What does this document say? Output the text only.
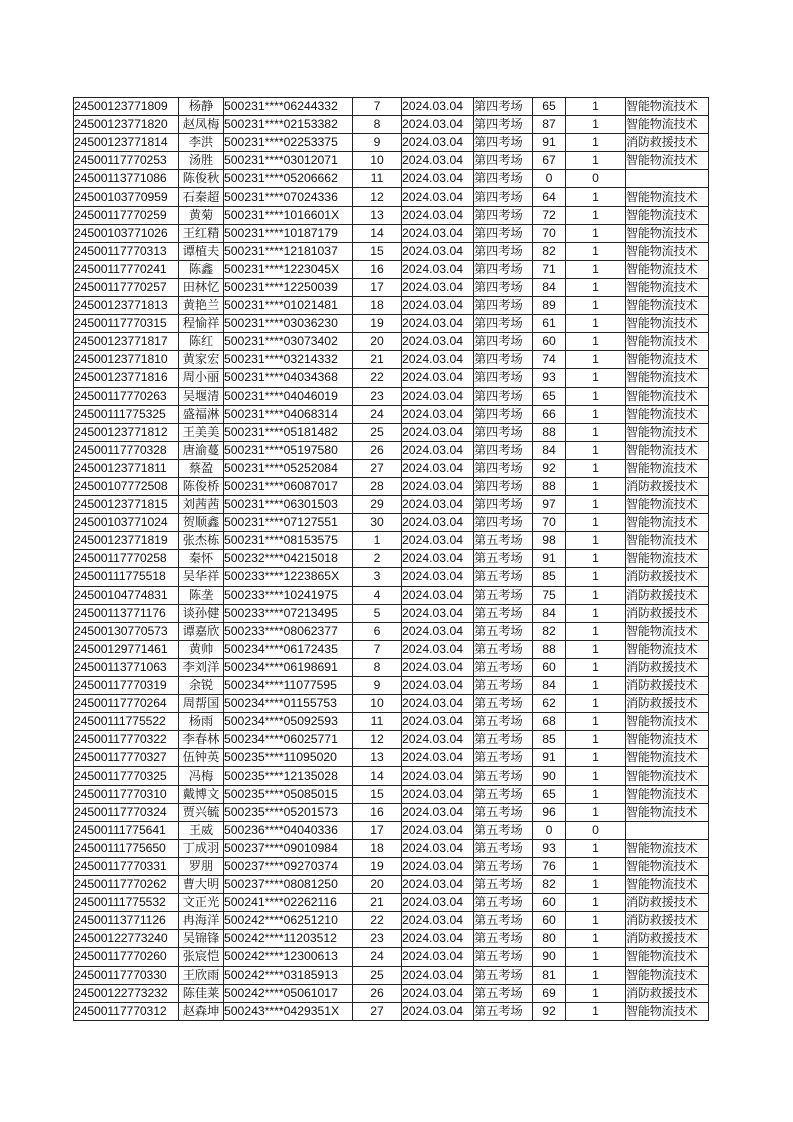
24500123771809	杨静	500231****06244332	7	2024.03.04	第四考场	65	1	智能物流技术
24500123771820	赵凤梅	500231****02153382	8	2024.03.04	第四考场	87	1	智能物流技术
24500123771814	李洪	500231****02253375	9	2024.03.04	第四考场	91	1	消防救援技术
24500117770253	汤胜	500231****03012071	10	2024.03.04	第四考场	67	1	智能物流技术
24500113771086	陈俊秋	500231****05206662	11	2024.03.04	第四考场	0	0	
24500103770959	石秦超	500231****07024336	12	2024.03.04	第四考场	64	1	智能物流技术
24500117770259	黄菊	500231****1016601X	13	2024.03.04	第四考场	72	1	智能物流技术
24500103771026	王红精	500231****10187179	14	2024.03.04	第四考场	70	1	智能物流技术
24500117770313	谭植夫	500231****12181037	15	2024.03.04	第四考场	82	1	智能物流技术
24500117770241	陈鑫	500231****1223045X	16	2024.03.04	第四考场	71	1	智能物流技术
24500117770257	田林忆	500231****12250039	17	2024.03.04	第四考场	84	1	智能物流技术
24500123771813	黄艳兰	500231****01021481	18	2024.03.04	第四考场	89	1	智能物流技术
24500117770315	程愉祥	500231****03036230	19	2024.03.04	第四考场	61	1	智能物流技术
24500123771817	陈红	500231****03073402	20	2024.03.04	第四考场	60	1	智能物流技术
24500123771810	黄家宏	500231****03214332	21	2024.03.04	第四考场	74	1	智能物流技术
24500123771816	周小丽	500231****04034368	22	2024.03.04	第四考场	93	1	智能物流技术
24500117770263	吴堰清	500231****04046019	23	2024.03.04	第四考场	65	1	智能物流技术
24500111775325	盛福淋	500231****04068314	24	2024.03.04	第四考场	66	1	智能物流技术
24500123771812	王美美	500231****05181482	25	2024.03.04	第四考场	88	1	智能物流技术
24500117770328	唐渝蔓	500231****05197580	26	2024.03.04	第四考场	84	1	智能物流技术
24500123771811	蔡盈	500231****05252084	27	2024.03.04	第四考场	92	1	智能物流技术
24500107772508	陈俊桥	500231****06087017	28	2024.03.04	第四考场	88	1	消防救援技术
24500123771815	刘茜茜	500231****06301503	29	2024.03.04	第四考场	97	1	智能物流技术
24500103771024	贺顺鑫	500231****07127551	30	2024.03.04	第四考场	70	1	智能物流技术
24500123771819	张杰栋	500231****08153575	1	2024.03.04	第五考场	98	1	智能物流技术
24500117770258	秦怀	500232****04215018	2	2024.03.04	第五考场	91	1	智能物流技术
24500111775518	吴华祥	500233****1223865X	3	2024.03.04	第五考场	85	1	消防救援技术
24500104774831	陈垄	500233****10241975	4	2024.03.04	第五考场	75	1	消防救援技术
24500113771176	谈孙健	500233****07213495	5	2024.03.04	第五考场	84	1	消防救援技术
24500130770573	谭嘉欣	500233****08062377	6	2024.03.04	第五考场	82	1	智能物流技术
24500129771461	黄帅	500234****06172435	7	2024.03.04	第五考场	88	1	智能物流技术
24500113771063	李刘洋	500234****06198691	8	2024.03.04	第五考场	60	1	消防救援技术
24500117770319	余锐	500234****11077595	9	2024.03.04	第五考场	84	1	消防救援技术
24500117770264	周帮国	500234****01155753	10	2024.03.04	第五考场	62	1	消防救援技术
24500111775522	杨雨	500234****05092593	11	2024.03.04	第五考场	68	1	智能物流技术
24500117770322	李春林	500234****06025771	12	2024.03.04	第五考场	85	1	智能物流技术
24500117770327	伍钟英	500235****11095020	13	2024.03.04	第五考场	91	1	智能物流技术
24500117770325	冯梅	500235****12135028	14	2024.03.04	第五考场	90	1	智能物流技术
24500117770310	戴博文	500235****05085015	15	2024.03.04	第五考场	65	1	智能物流技术
24500117770324	贾兴毓	500235****05201573	16	2024.03.04	第五考场	96	1	智能物流技术
24500111775641	王威	500236****04040336	17	2024.03.04	第五考场	0	0	
24500111775650	丁成羽	500237****09010984	18	2024.03.04	第五考场	93	1	智能物流技术
24500117770331	罗朋	500237****09270374	19	2024.03.04	第五考场	76	1	智能物流技术
24500117770262	曹大明	500237****08081250	20	2024.03.04	第五考场	82	1	智能物流技术
24500111775532	文正光	500241****02262116	21	2024.03.04	第五考场	60	1	消防救援技术
24500113771126	冉海洋	500242****06251210	22	2024.03.04	第五考场	60	1	消防救援技术
24500122773240	吴锦锋	500242****11203512	23	2024.03.04	第五考场	80	1	消防救援技术
24500117770260	张宸恺	500242****12300613	24	2024.03.04	第五考场	90	1	智能物流技术
24500117770330	王欣雨	500242****03185913	25	2024.03.04	第五考场	81	1	智能物流技术
24500122773232	陈佳莱	500242****05061017	26	2024.03.04	第五考场	69	1	消防救援技术
24500117770312	赵森坤	500243****0429351X	27	2024.03.04	第五考场	92	1	智能物流技术
